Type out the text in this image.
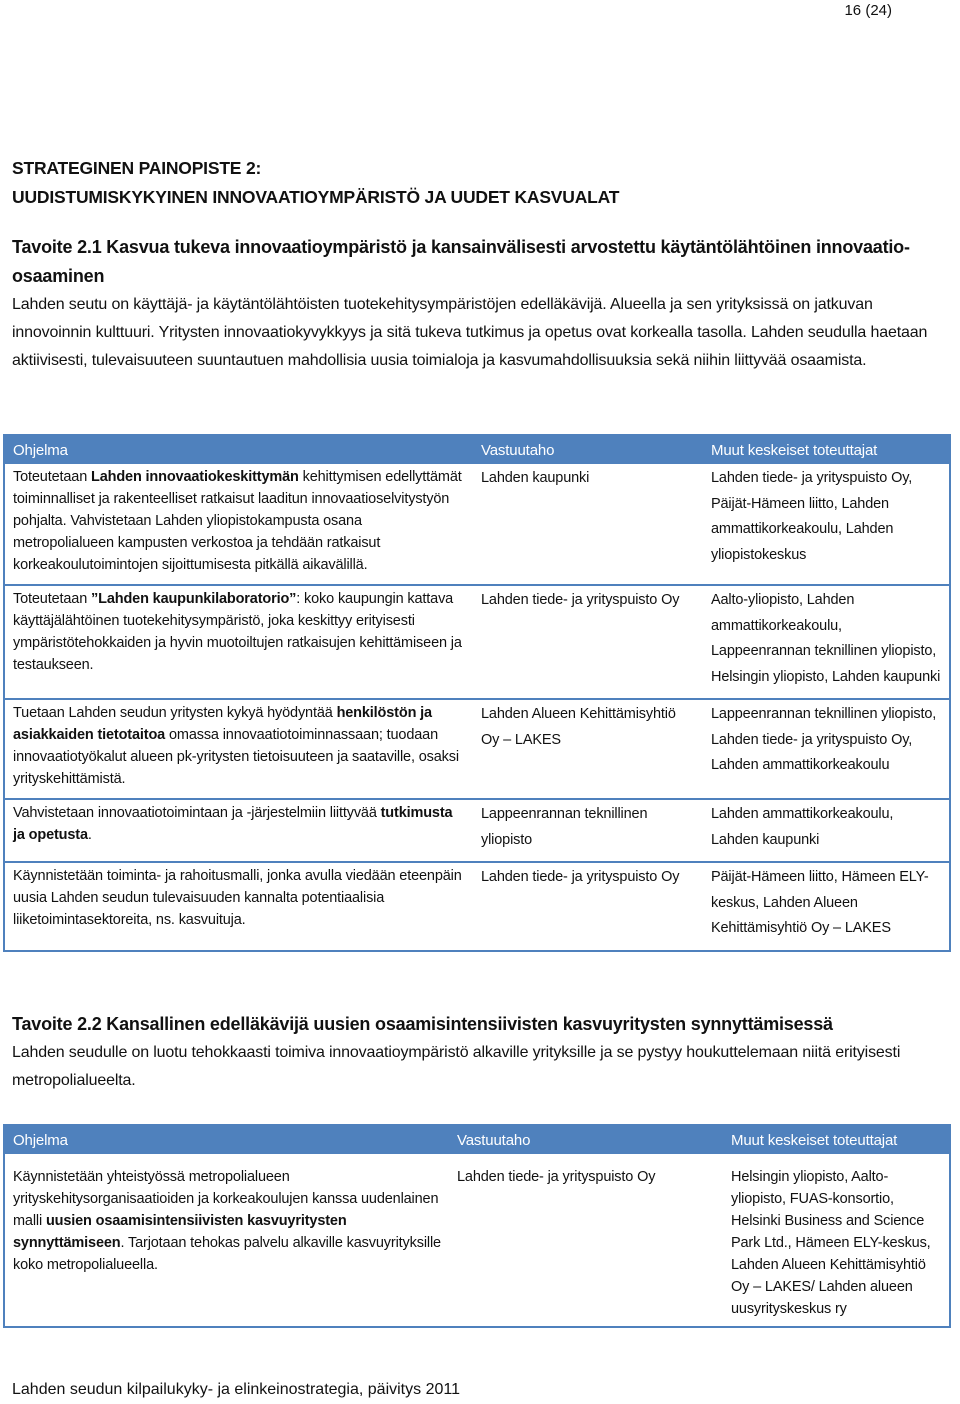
16 (24)
STRATEGINEN PAINOPISTE 2:
UUDISTUMISKYKYINEN INNOVAATIOYMPÄRISTÖ JA UUDET KASVUALAT
Tavoite 2.1 Kasvua tukeva innovaatioympäristö ja kansainvälisesti arvostettu käytäntölähtöinen innovaatio-osaaminen
Lahden seutu on käyttäjä- ja käytäntölähtöisten tuotekehitysympäristöjen edelläkävijä. Alueella ja sen yrityksissä on jatkuvan innovoinnin kulttuuri. Yritysten innovaatiokyvykkyys ja sitä tukeva tutkimus ja opetus ovat korkealla tasolla. Lahden seudulla haetaan aktiivisesti, tulevaisuuteen suuntautuen mahdollisia uusia toimialoja ja kasvumahdollisuuksia sekä niihin liittyvää osaamista.
Ohjelma	Vastuutaho	Muut keskeiset toteuttajat
Toteutetaan Lahden innovaatiokeskittymän kehittymisen edellyttämät toiminnalliset ja rakenteelliset ratkaisut laaditun innovaatioselvitystyön pohjalta. Vahvistetaan Lahden yliopistokampusta osana metropolialueen kampusten verkostoa ja tehdään ratkaisut korkeakoulutoimintojen sijoittumisesta pitkällä aikavälillä.	Lahden kaupunki	Lahden tiede- ja yrityspuisto Oy, Päijät-Hämeen liitto, Lahden ammattikorkeakoulu, Lahden yliopistokeskus
Toteutetaan ”Lahden kaupunkilaboratorio”: koko kaupungin kattava käyttäjälähtöinen tuotekehitysympäristö, joka keskittyy erityisesti ympäristötehokkaiden ja hyvin muotoiltujen ratkaisujen kehittämiseen ja testaukseen.	Lahden tiede- ja yrityspuisto Oy	Aalto-yliopisto, Lahden ammattikorkeakoulu, Lappeenrannan teknillinen yliopisto, Helsingin yliopisto, Lahden kaupunki
Tuetaan Lahden seudun yritysten kykyä hyödyntää henkilöstön ja asiakkaiden tietotaitoa omassa innovaatiotoiminnassaan; tuodaan innovaatiotyökalut alueen pk-yritysten tietoisuuteen ja saataville, osaksi yrityskehittämistä.	Lahden Alueen Kehittämisyhtiö Oy – LAKES	Lappeenrannan teknillinen yliopisto, Lahden tiede- ja yrityspuisto Oy, Lahden ammattikorkeakoulu
Vahvistetaan innovaatiotoimintaan ja -järjestelmiin liittyvää tutkimusta ja opetusta.	Lappeenrannan teknillinen yliopisto	Lahden ammattikorkeakoulu, Lahden kaupunki
Käynnistetään toiminta- ja rahoitusmalli, jonka avulla viedään eteenpäin uusia Lahden seudun tulevaisuuden kannalta potentiaalisia liiketoimintasektoreita, ns. kasvuituja.	Lahden tiede- ja yrityspuisto Oy	Päijät-Hämeen liitto, Hämeen ELY-keskus, Lahden Alueen Kehittämisyhtiö Oy – LAKES
Tavoite 2.2 Kansallinen edelläkävijä uusien osaamisintensiivisten kasvuyritysten synnyttämisessä
Lahden seudulle on luotu tehokkaasti toimiva innovaatioympäristö alkaville yrityksille ja se pystyy houkuttelemaan niitä erityisesti metropolialueelta.
Ohjelma	Vastuutaho	Muut keskeiset toteuttajat
Käynnistetään yhteistyössä metropolialueen yrityskehitysorganisaatioiden ja korkeakoulujen kanssa uudenlainen malli uusien osaamisintensiivisten kasvuyritysten synnyttämiseen. Tarjotaan tehokas palvelu alkaville kasvuyrityksille koko metropolialueella.	Lahden tiede- ja yrityspuisto Oy	Helsingin yliopisto, Aalto-yliopisto, FUAS-konsortio, Helsinki Business and Science Park Ltd., Hämeen ELY-keskus, Lahden Alueen Kehittämisyhtiö Oy – LAKES/ Lahden alueen uusyrityskeskus ry
Lahden seudun kilpailukyky- ja elinkeinostrategia, päivitys 2011
